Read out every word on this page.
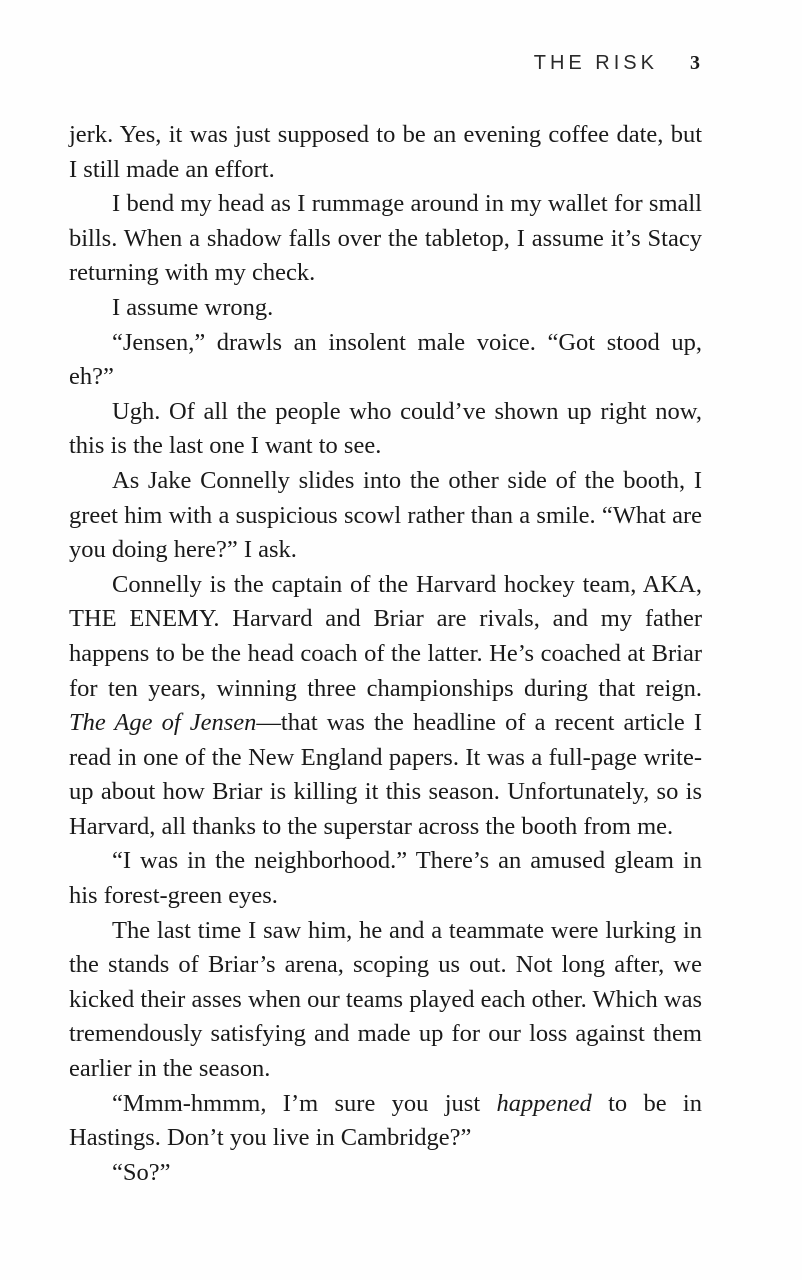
THE RISK 3

jerk. Yes, it was just supposed to be an evening coffee date, but I still made an effort.

I bend my head as I rummage around in my wallet for small bills. When a shadow falls over the tabletop, I assume it’s Stacy returning with my check.

I assume wrong.

“Jensen,” drawls an insolent male voice. “Got stood up, eh?”

Ugh. Of all the people who could’ve shown up right now, this is the last one I want to see.

As Jake Connelly slides into the other side of the booth, I greet him with a suspicious scowl rather than a smile. “What are you doing here?” I ask.

Connelly is the captain of the Harvard hockey team, AKA, THE ENEMY. Harvard and Briar are rivals, and my father happens to be the head coach of the latter. He’s coached at Briar for ten years, winning three championships during that reign. The Age of Jensen—that was the headline of a recent article I read in one of the New England papers. It was a full-page write-up about how Briar is killing it this season. Unfortunately, so is Harvard, all thanks to the superstar across the booth from me.

“I was in the neighborhood.” There’s an amused gleam in his forest-green eyes.

The last time I saw him, he and a teammate were lurking in the stands of Briar’s arena, scoping us out. Not long after, we kicked their asses when our teams played each other. Which was tremendously satisfying and made up for our loss against them earlier in the season.

“Mmm-hmmm, I’m sure you just happened to be in Hastings. Don’t you live in Cambridge?”

“So?”
